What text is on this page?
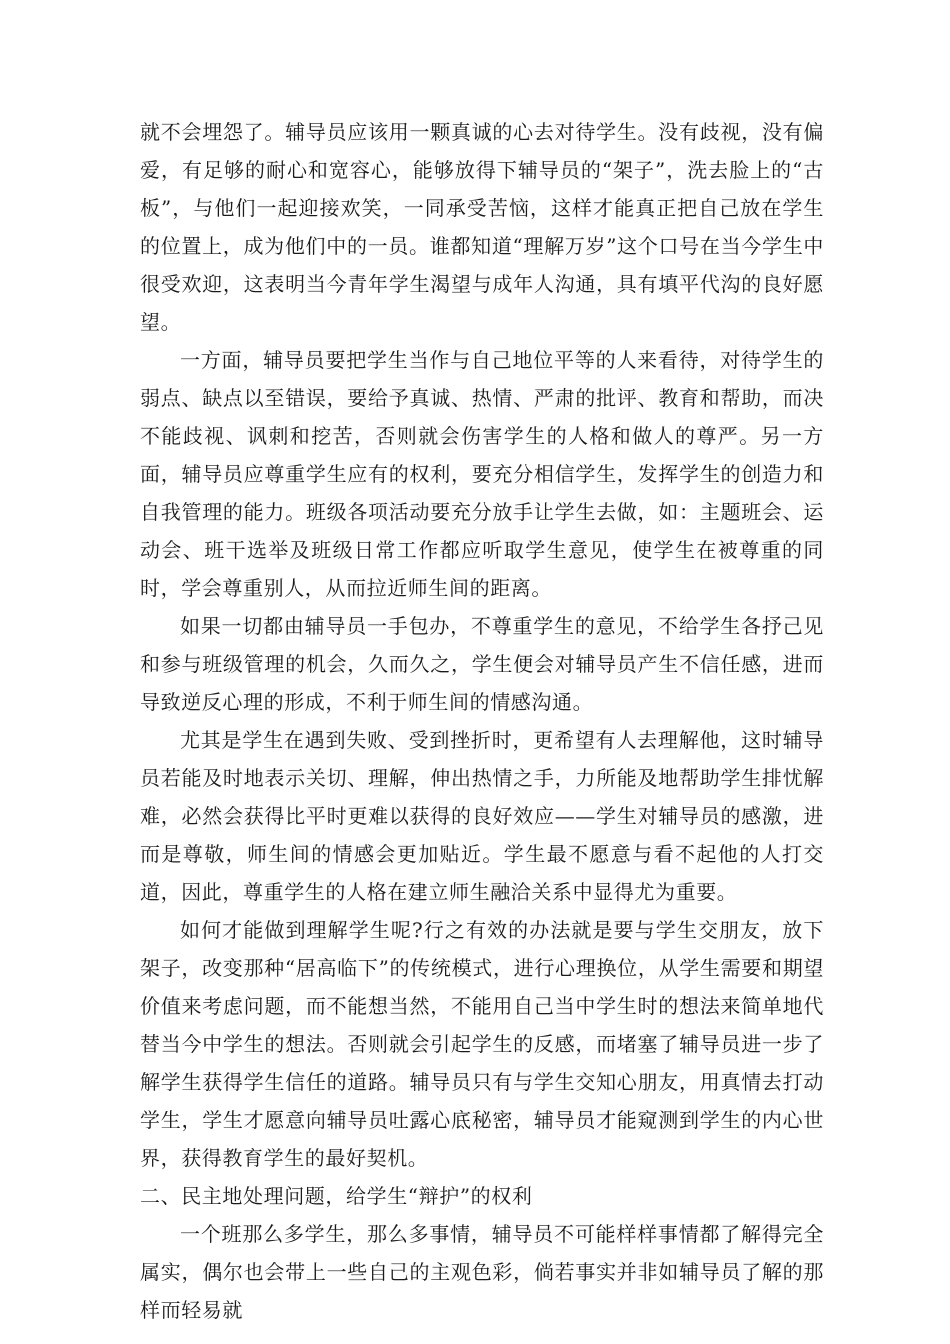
就不会埋怨了。辅导员应该用一颗真诚的心去对待学生。没有歧视，没有偏爱，有足够的耐心和宽容心，能够放得下辅导员的“架子”，洗去脸上的“古板”，与他们一起迎接欢笑，一同承受苦恼，这样才能真正把自己放在学生的位置上，成为他们中的一员。谁都知道“理解万岁”这个口号在当今学生中很受欢迎，这表明当今青年学生渴望与成年人沟通，具有填平代沟的良好愿望。

一方面，辅导员要把学生当作与自己地位平等的人来看待，对待学生的弱点、缺点以至错误，要给予真诚、热情、严肃的批评、教育和帮助，而决不能歧视、讽刺和挖苦，否则就会伤害学生的人格和做人的尊严。另一方面，辅导员应尊重学生应有的权利，要充分相信学生，发挥学生的创造力和自我管理的能力。班级各项活动要充分放手让学生去做，如：主题班会、运动会、班干选举及班级日常工作都应听取学生意见，使学生在被尊重的同时，学会尊重别人，从而拉近师生间的距离。

如果一切都由辅导员一手包办，不尊重学生的意见，不给学生各抒己见和参与班级管理的机会，久而久之，学生便会对辅导员产生不信任感，进而导致逆反心理的形成，不利于师生间的情感沟通。

尤其是学生在遇到失败、受到挫折时，更希望有人去理解他，这时辅导员若能及时地表示关切、理解，伸出热情之手，力所能及地帮助学生排忧解难，必然会获得比平时更难以获得的良好效应——学生对辅导员的感激，进而是尊敬，师生间的情感会更加贴近。学生最不愿意与看不起他的人打交道，因此，尊重学生的人格在建立师生融洽关系中显得尤为重要。

如何才能做到理解学生呢?行之有效的办法就是要与学生交朋友，放下架子，改变那种“居高临下”的传统模式，进行心理换位，从学生需要和期望价值来考虑问题，而不能想当然，不能用自己当中学生时的想法来简单地代替当今中学生的想法。否则就会引起学生的反感，而堵塞了辅导员进一步了解学生获得学生信任的道路。辅导员只有与学生交知心朋友，用真情去打动学生，学生才愿意向辅导员吐露心底秘密，辅导员才能窥测到学生的内心世界，获得教育学生的最好契机。

二、民主地处理问题，给学生“辩护”的权利

一个班那么多学生，那么多事情，辅导员不可能样样事情都了解得完全属实，偶尔也会带上一些自己的主观色彩，倘若事实并非如辅导员了解的那样而轻易就
